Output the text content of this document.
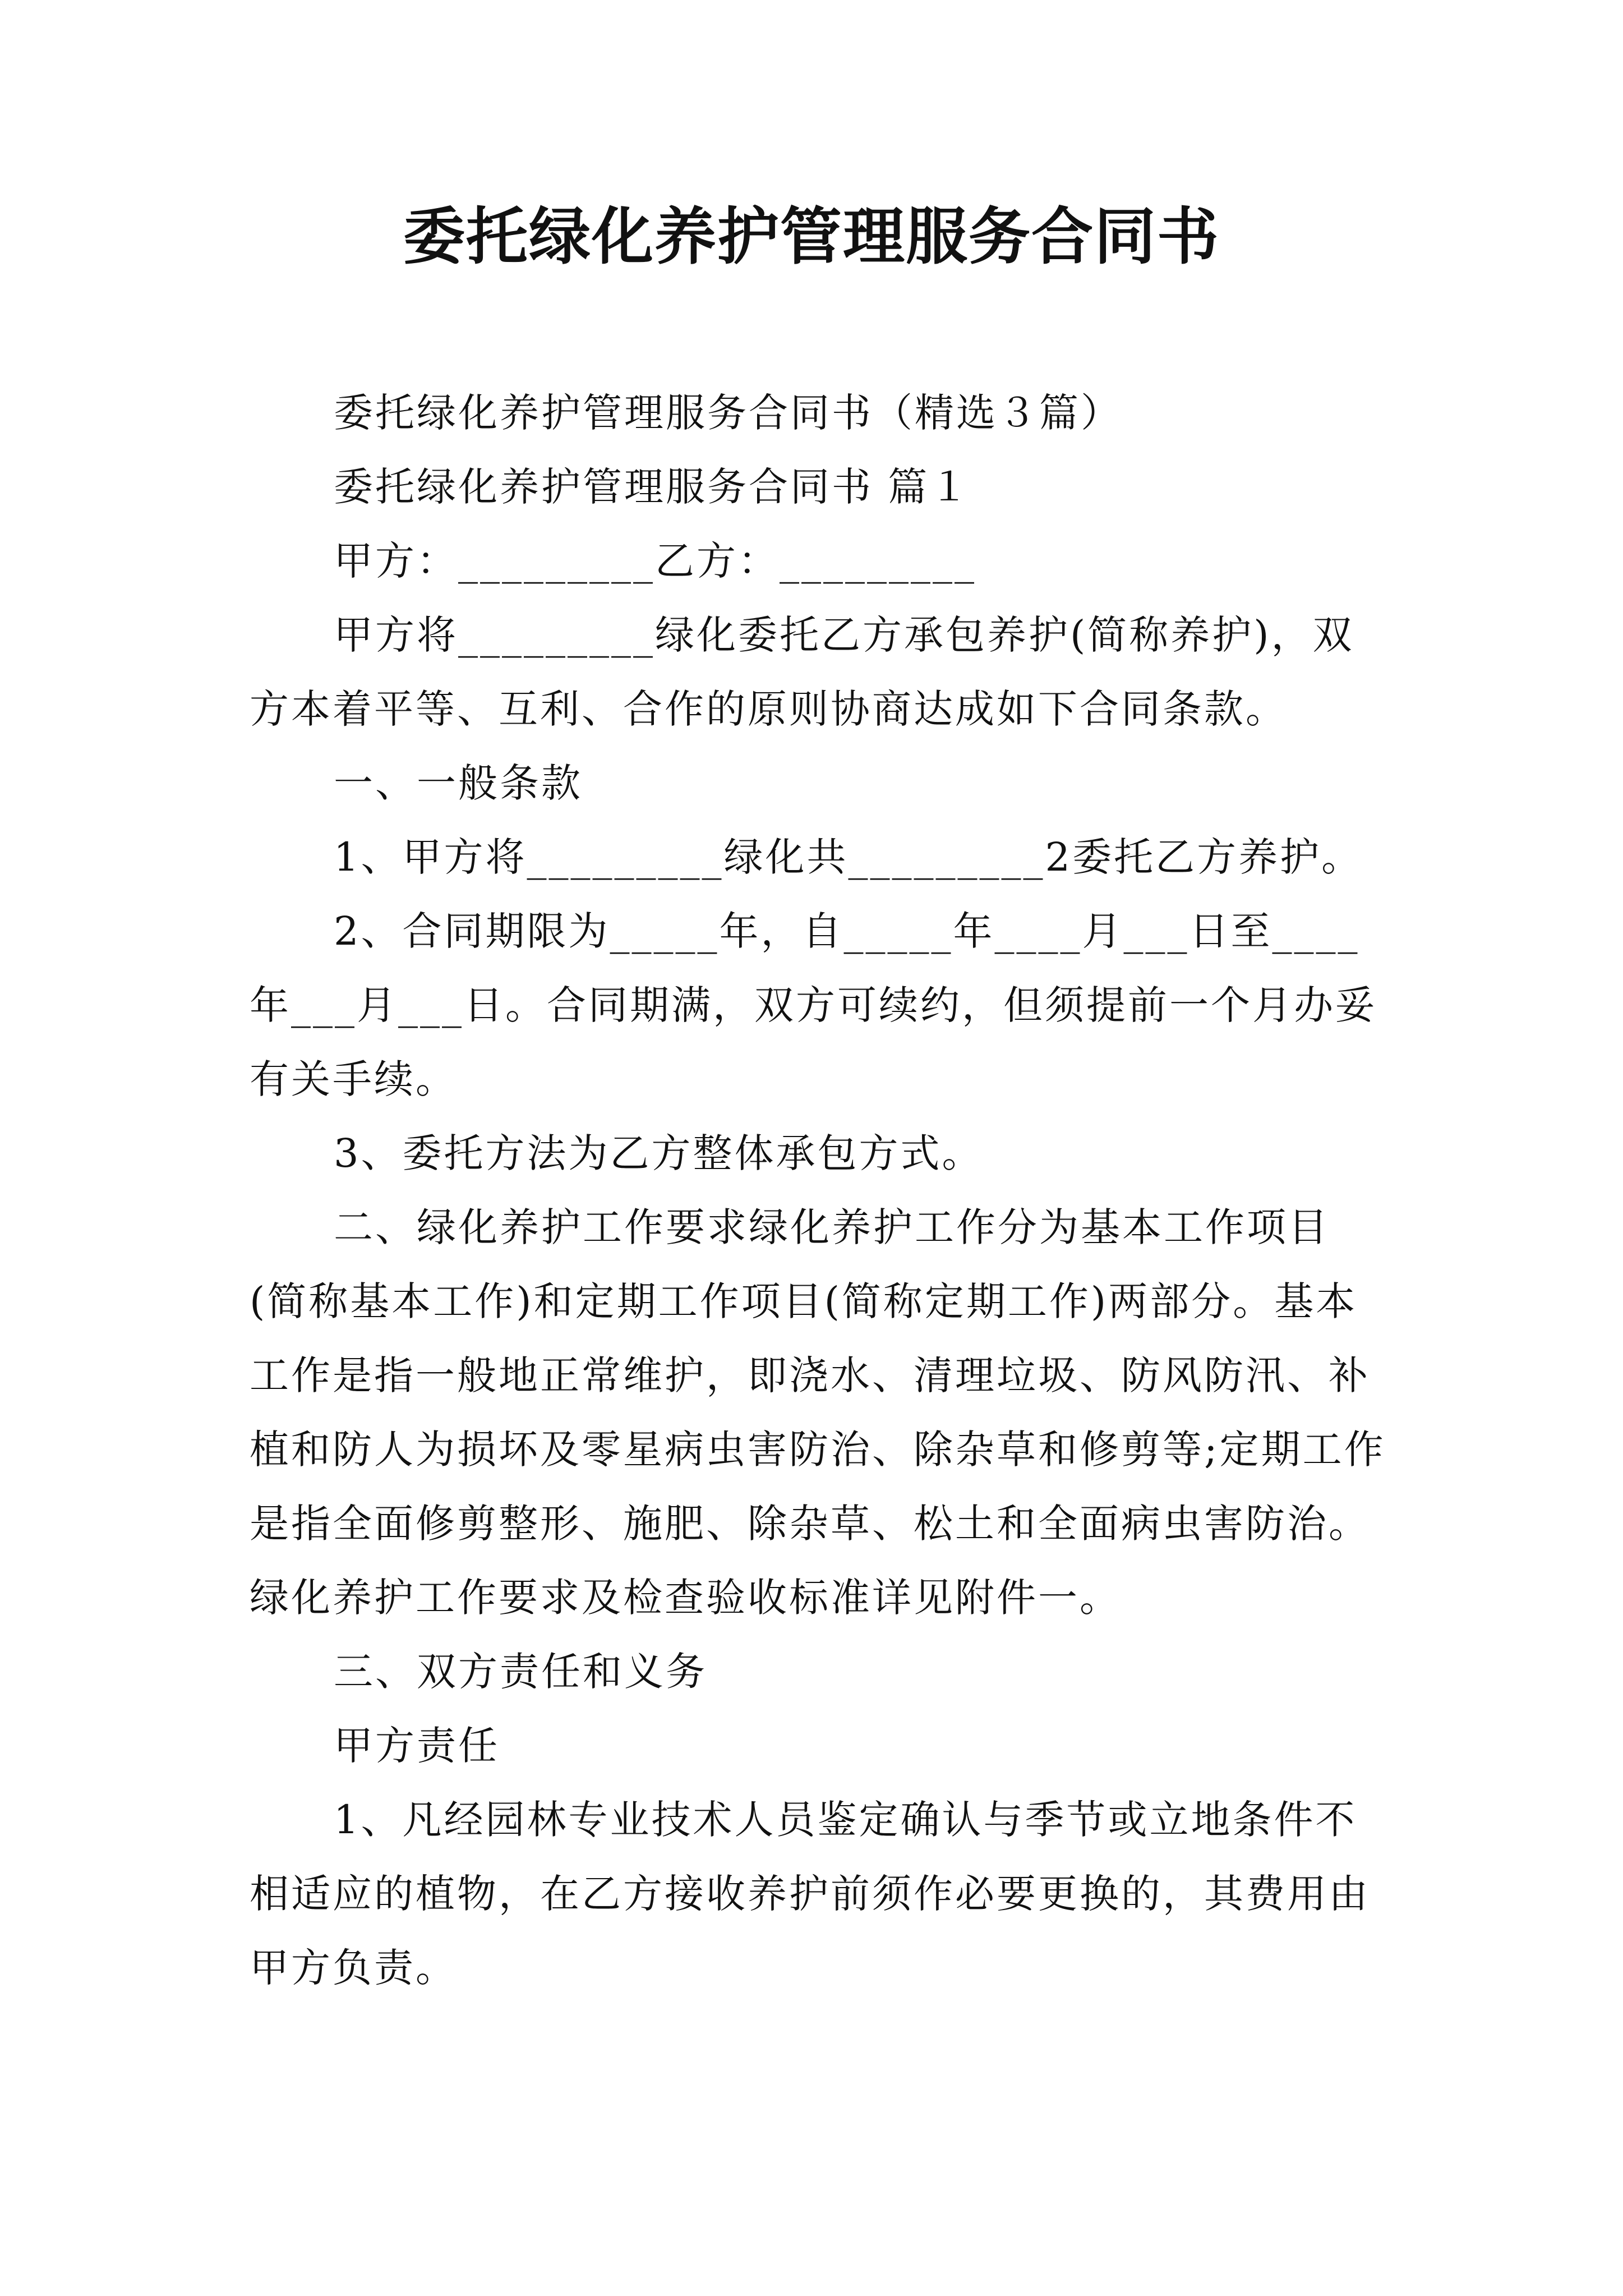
委托绿化养护管理服务合同书

委托绿化养护管理服务合同书（精选３篇）

委托绿化养护管理服务合同书 篇１

甲方：_________乙方：_________

甲方将_________绿化委托乙方承包养护(简称养护)，双方本着平等、互利、合作的原则协商达成如下合同条款。

一、一般条款

1、甲方将_________绿化共_________2委托乙方养护。

2、合同期限为_____年，自_____年____月___日至____年___月___日。合同期满，双方可续约，但须提前一个月办妥有关手续。

3、委托方法为乙方整体承包方式。

二、绿化养护工作要求绿化养护工作分为基本工作项目(简称基本工作)和定期工作项目(简称定期工作)两部分。基本工作是指一般地正常维护，即浇水、清理垃圾、防风防汛、补植和防人为损坏及零星病虫害防治、除杂草和修剪等;定期工作是指全面修剪整形、施肥、除杂草、松土和全面病虫害防治。绿化养护工作要求及检查验收标准详见附件一。

三、双方责任和义务

甲方责任

1、凡经园林专业技术人员鉴定确认与季节或立地条件不相适应的植物，在乙方接收养护前须作必要更换的，其费用由甲方负责。
